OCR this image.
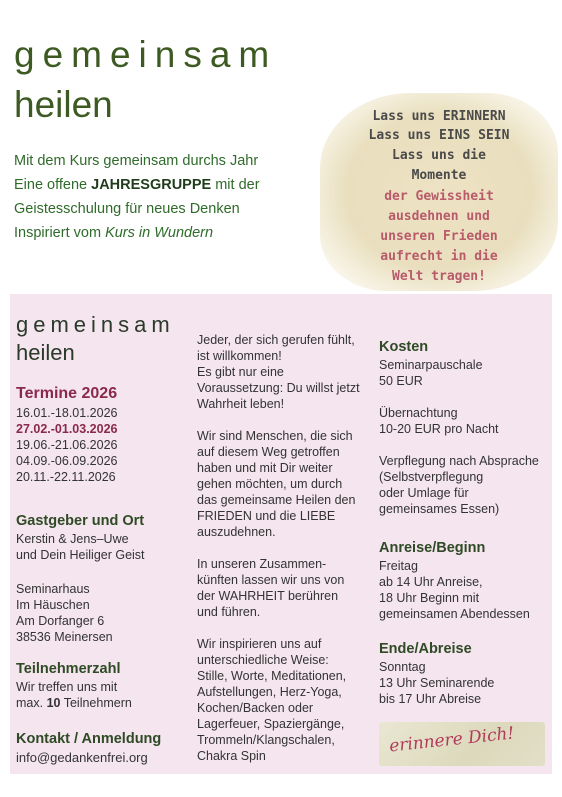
gemeinsam
heilen
Mit dem Kurs gemeinsam durchs Jahr
Eine offene JAHRESGRUPPE mit der
Geistesschulung für neues Denken
Inspiriert vom Kurs in Wundern
Lass uns ERINNERN
Lass uns EINS SEIN
Lass uns die
Momente
der Gewissheit
ausdehnen und
unseren Frieden
aufrecht in die
Welt tragen!
gemeinsam
heilen
Termine 2026
16.01.-18.01.2026
27.02.-01.03.2026
19.06.-21.06.2026
04.09.-06.09.2026
20.11.-22.11.2026
Gastgeber und Ort
Kerstin & Jens–Uwe
und Dein Heiliger Geist
Seminarhaus
Im Häuschen
Am Dorfanger 6
38536 Meinersen
Teilnehmerzahl
Wir treffen uns mit
max. 10 Teilnehmern
Kontakt / Anmeldung
info@gedankenfrei.org
Jeder, der sich gerufen fühlt,
ist willkommen!
Es gibt nur eine
Voraussetzung: Du willst jetzt
Wahrheit leben!
Wir sind Menschen, die sich
auf diesem Weg getroffen
haben und mit Dir weiter
gehen möchten, um durch
das gemeinsame Heilen den
FRIEDEN und die LIEBE
auszudehnen.
In unseren Zusammen-
künften lassen wir uns von
der WAHRHEIT berühren
und führen.
Wir inspirieren uns auf
unterschiedliche Weise:
Stille, Worte, Meditationen,
Aufstellungen, Herz-Yoga,
Kochen/Backen oder
Lagerfeuer, Spaziergänge,
Trommeln/Klangschalen,
Chakra Spin
Kosten
Seminarpauschale
50 EUR
Übernachtung
10-20 EUR pro Nacht
Verpflegung nach Absprache
(Selbstverpflegung
oder Umlage für
gemeinsames Essen)
Anreise/Beginn
Freitag
ab 14 Uhr Anreise,
18 Uhr Beginn mit
gemeinsamen Abendessen
Ende/Abreise
Sonntag
13 Uhr Seminarende
bis 17 Uhr Abreise
erinnere Dich!
